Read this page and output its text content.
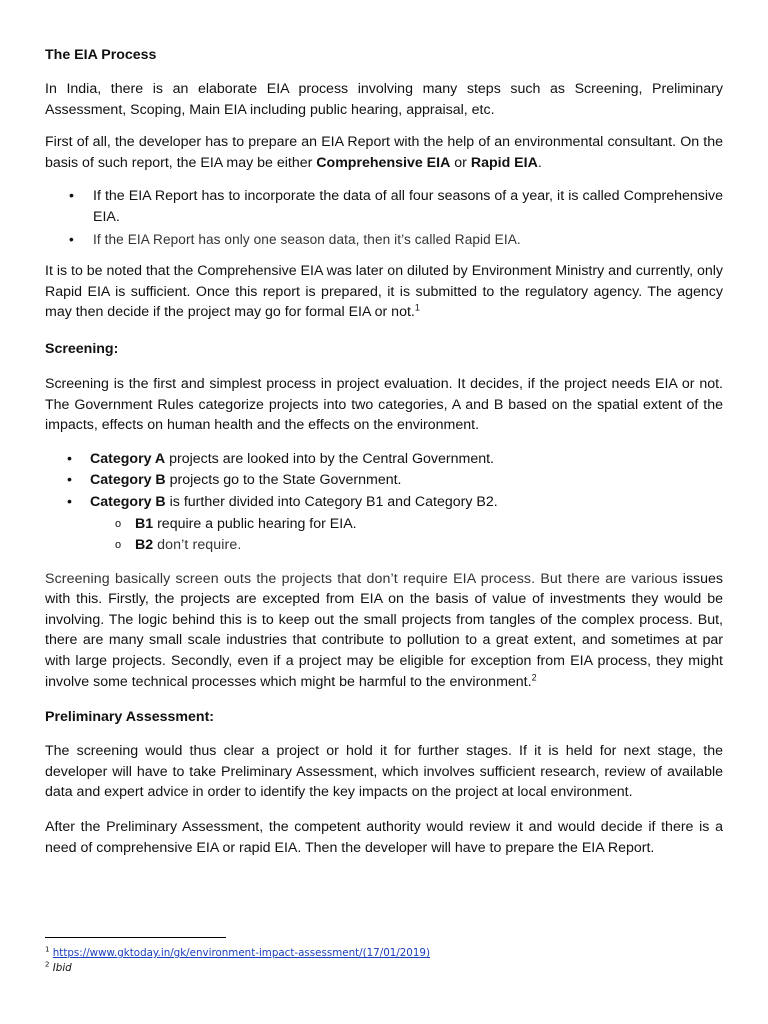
The EIA Process

In India, there is an elaborate EIA process involving many steps such as Screening, Preliminary Assessment, Scoping, Main EIA including public hearing, appraisal, etc.

First of all, the developer has to prepare an EIA Report with the help of an environmental consultant. On the basis of such report, the EIA may be either Comprehensive EIA or Rapid EIA.

• If the EIA Report has to incorporate the data of all four seasons of a year, it is called Comprehensive EIA.
• If the EIA Report has only one season data, then it’s called Rapid EIA.

It is to be noted that the Comprehensive EIA was later on diluted by Environment Ministry and currently, only Rapid EIA is sufficient. Once this report is prepared, it is submitted to the regulatory agency. The agency may then decide if the project may go for formal EIA or not.$^1$

Screening:

Screening is the first and simplest process in project evaluation. It decides, if the project needs EIA or not. The Government Rules categorize projects into two categories, A and B based on the spatial extent of the impacts, effects on human health and the effects on the environment.

• Category A projects are looked into by the Central Government.
• Category B projects go to the State Government.
• Category B is further divided into Category B1 and Category B2.
o B1 require a public hearing for EIA.
o B2 don’t require.

Screening basically screen outs the projects that don’t require EIA process. But there are various issues with this. Firstly, the projects are excepted from EIA on the basis of value of investments they would be involving. The logic behind this is to keep out the small projects from tangles of the complex process. But, there are many small scale industries that contribute to pollution to a great extent, and sometimes at par with large projects. Secondly, even if a project may be eligible for exception from EIA process, they might involve some technical processes which might be harmful to the environment.$^2$

Preliminary Assessment:

The screening would thus clear a project or hold it for further stages. If it is held for next stage, the developer will have to take Preliminary Assessment, which involves sufficient research, review of available data and expert advice in order to identify the key impacts on the project at local environment.

After the Preliminary Assessment, the competent authority would review it and would decide if there is a need of comprehensive EIA or rapid EIA. Then the developer will have to prepare the EIA Report.

$^1$ https://www.gktoday.in/gk/environment-impact-assessment/(17/01/2019)
$^2$ Ibid
